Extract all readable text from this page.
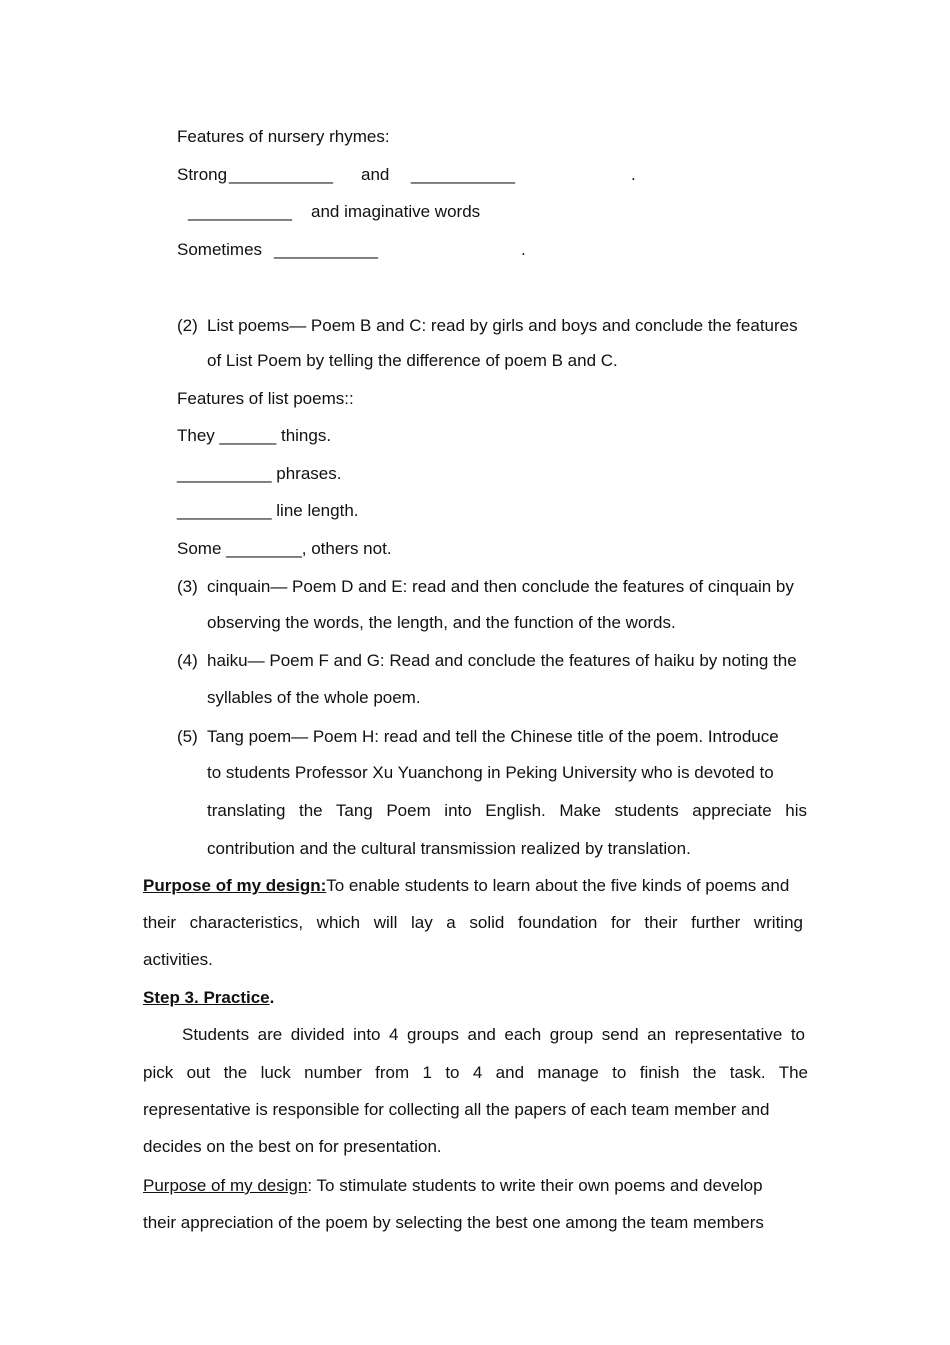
Features of nursery rhymes:
Strong ___________ and ___________	.
___________ and imaginative words
Sometimes ___________	.
(2) List poems— Poem B and C: read by girls and boys and conclude the features
of List Poem by telling the difference of poem B and C.
Features of list poems::
They ______ things.
__________ phrases.
__________ line length.
Some ________, others not.
(3) cinquain— Poem D and E: read and then conclude the features of cinquain by
observing the words, the length, and the function of the words.
(4) haiku— Poem F and G: Read and conclude the features of haiku by noting the
syllables of the whole poem.
(5) Tang poem— Poem H: read and tell the Chinese title of the poem. Introduce
to students Professor Xu Yuanchong in Peking University who is devoted to
translating the Tang Poem into English. Make students appreciate his
contribution and the cultural transmission realized by translation.
Purpose of my design:To enable students to learn about the five kinds of poems and
their characteristics, which will lay a solid foundation for their further writing
activities.
Step 3. Practice.
Students are divided into 4 groups and each group send an representative to
pick out the luck number from 1 to 4 and manage to finish the task. The
representative is responsible for collecting all the papers of each team member and
decides on the best on for presentation.
Purpose of my design: To stimulate students to write their own poems and develop
their appreciation of the poem by selecting the best one among the team members
